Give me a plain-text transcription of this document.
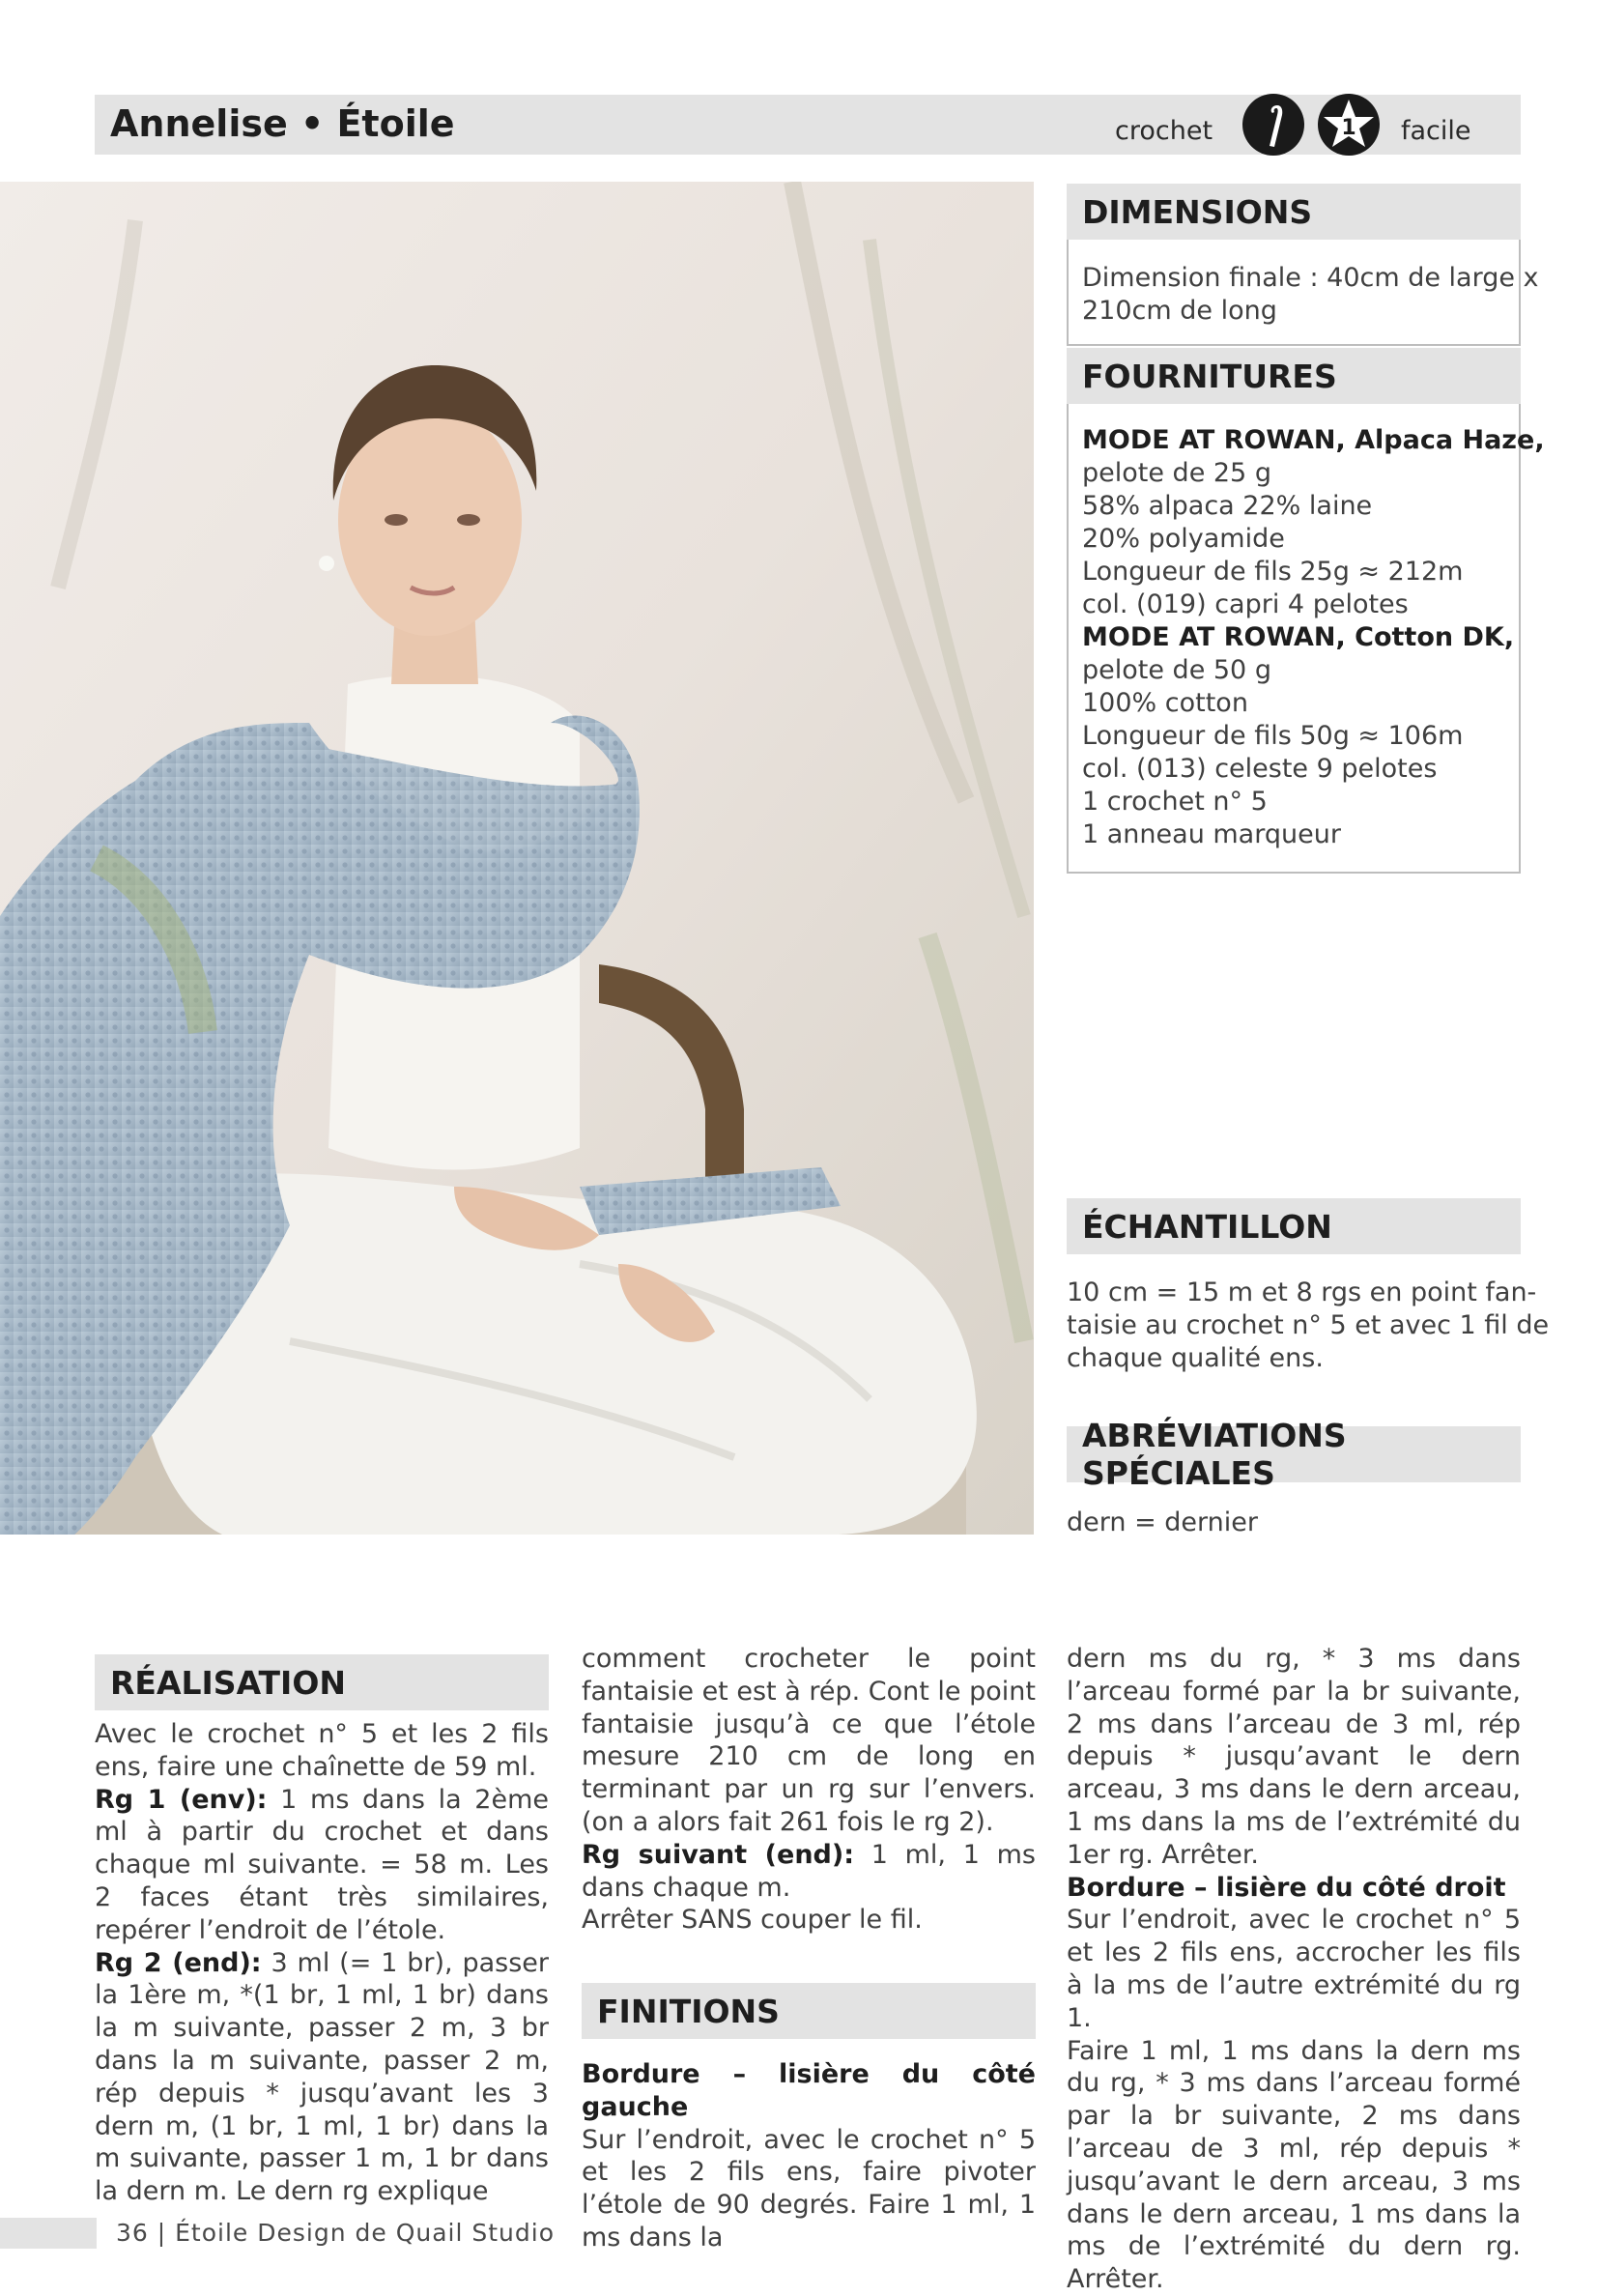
Annelise • Étoile	crochet	1 facile
DIMENSIONS
Dimension finale : 40cm de large x
210cm de long
FOURNITURES
MODE AT ROWAN, Alpaca Haze,
pelote de 25 g
58% alpaca 22% laine
20% polyamide
Longueur de fils 25g ≈ 212m
col. (019) capri 4 pelotes
MODE AT ROWAN, Cotton DK,
pelote de 50 g
100% cotton
Longueur de fils 50g ≈ 106m
col. (013) celeste 9 pelotes
1 crochet n° 5
1 anneau marqueur
ÉCHANTILLON
10 cm = 15 m et 8 rgs en point fan-
taisie au crochet n° 5 et avec 1 fil de
chaque qualité ens.
ABRÉVIATIONS SPÉCIALES
dern = dernier
RÉALISATION

Avec le crochet n° 5 et les 2 fils ens, faire une chaînette de 59 ml.

Rg 1 (env): 1 ms dans la 2ème ml à partir du crochet et dans chaque ml suivante. = 58 m. Les 2 faces étant très similaires, repérer l’endroit de l’étole.

Rg 2 (end): 3 ml (= 1 br), passer la 1ère m, *(1 br, 1 ml, 1 br) dans la m suivante, passer 2 m, 3 br dans la m suivante, passer 2 m, rép depuis * jusqu’avant les 3 dern m, (1 br, 1 ml, 1 br) dans la m suivante, passer 1 m, 1 br dans la dern m. Le dern rg explique

comment crocheter le point fantaisie et est à rép. Cont le point fantaisie jusqu’à ce que l’étole mesure 210 cm de long en terminant par un rg sur l’envers. (on a alors fait 261 fois le rg 2).

Rg suivant (end): 1 ml, 1 ms dans chaque m.

Arrêter SANS couper le fil.

FINITIONS

Bordure – lisière du côté gauche

Sur l’endroit, avec le crochet n° 5 et les 2 fils ens, faire pivoter l’étole de 90 degrés. Faire 1 ml, 1 ms dans la

dern ms du rg, * 3 ms dans l’arceau formé par la br suivante, 2 ms dans l’arceau de 3 ml, rép depuis * jusqu’avant le dern arceau, 3 ms dans le dern arceau, 1 ms dans la ms de l’extrémité du 1er rg. Arrêter.

Bordure – lisière du côté droit

Sur l’endroit, avec le crochet n° 5 et les 2 fils ens, accrocher les fils à la ms de l’autre extrémité du rg 1.

Faire 1 ml, 1 ms dans la dern ms du rg, * 3 ms dans l’arceau formé par la br suivante, 2 ms dans l’arceau de 3 ml, rép depuis * jusqu’avant le dern arceau, 3 ms dans le dern arceau, 1 ms dans la ms de l’extrémité du dern rg. Arrêter.

36 | Étoile Design de Quail Studio
